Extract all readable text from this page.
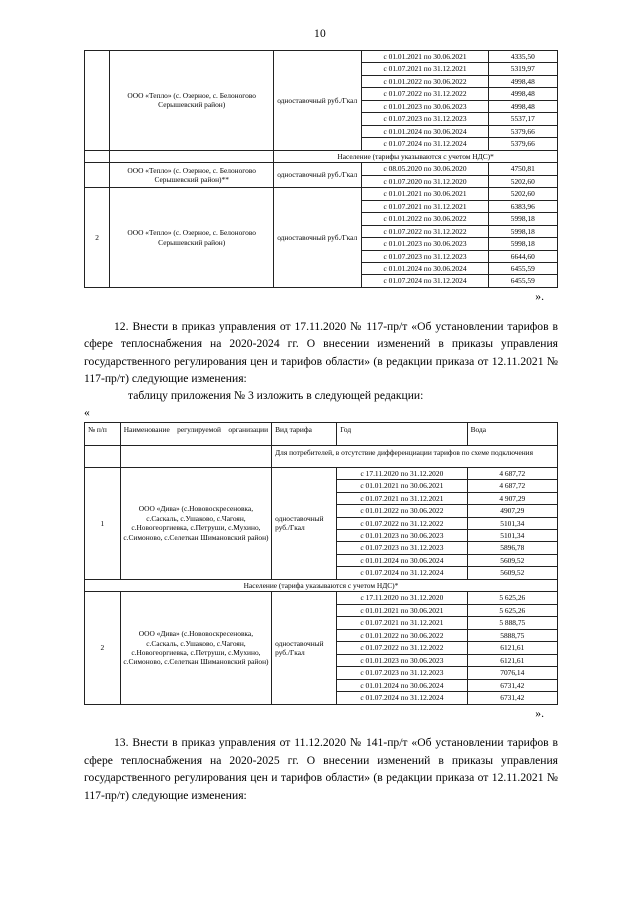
10
	ООО «Тепло» (с. Озерное, с. Белоногово Серышевский район)	одноставочный руб./Гкал	с 01.01.2021 по 30.06.2021	4335,50
			с 01.07.2021 по 31.12.2021	5319,97
			с 01.01.2022 по 30.06.2022	4998,48
			с 01.07.2022 по 31.12.2022	4998,48
			с 01.01.2023 по 30.06.2023	4998,48
			с 01.07.2023 по 31.12.2023	5537,17
			с 01.01.2024 по 30.06.2024	5379,66
			с 01.07.2024 по 31.12.2024	5379,66
		Население (тарифы указываются с учетом НДС)*		
	ООО «Тепло» (с. Озерное, с. Белоногово Серышевский район)**	одноставочный руб./Гкал	с 08.05.2020 по 30.06.2020	4750,81
			с 01.07.2020 по 31.12.2020	5202,60
2	ООО «Тепло» (с. Озерное, с. Белоногово Серышевский район)	одноставочный руб./Гкал	с 01.01.2021 по 30.06.2021	5202,60
			с 01.07.2021 по 31.12.2021	6383,96
			с 01.01.2022 по 30.06.2022	5998,18
			с 01.07.2022 по 31.12.2022	5998,18
			с 01.01.2023 по 30.06.2023	5998,18
			с 01.07.2023 по 31.12.2023	6644,60
			с 01.01.2024 по 30.06.2024	6455,59
			с 01.07.2024 по 31.12.2024	6455,59
».

12. Внести в приказ управления от 17.11.2020 № 117-пр/т «Об установлении тарифов в сфере теплоснабжения на 2020-2024 гг. О внесении изменений в приказы управления государственного регулирования цен и тарифов области» (в редакции приказа от 12.11.2021 № 117-пр/т) следующие изменения:

таблицу приложения № 3 изложить в следующей редакции:

«

№ п/п	Наименование регулируемой организации	Вид тарифа	Год	Вода
		Для потребителей, в отсутствие дифференциации тарифов по схеме подключения		
1	ООО «Дива» (с.Нововоскресеновка, с.Саскаль, с.Ушаково, с.Чагоян, с.Новогеоргиевка, с.Петруши, с.Мухино, с.Симоново, с.Селеткан Шимановский район)	одноставочный руб./Гкал	с 17.11.2020 по 31.12.2020	4 687,72
			с 01.01.2021 по 30.06.2021	4 687,72
			с 01.07.2021 по 31.12.2021	4 907,29
			с 01.01.2022 по 30.06.2022	4907,29
			с 01.07.2022 по 31.12.2022	5101,34
			с 01.01.2023 по 30.06.2023	5101,34
			с 01.07.2023 по 31.12.2023	5896,78
			с 01.01.2024 по 30.06.2024	5609,52
			с 01.07.2024 по 31.12.2024	5609,52
Население (тарифа указываются с учетом НДС)*				
2	ООО «Дива» (с.Нововоскресеновка, с.Саскаль, с.Ушаково, с.Чагоян, с.Новогеоргиевка, с.Петруши, с.Мухино, с.Симоново, с.Селеткан Шимановский район)	одноставочный руб./Гкал	с 17.11.2020 по 31.12.2020	5 625,26
			с 01.01.2021 по 30.06.2021	5 625,26
			с 01.07.2021 по 31.12.2021	5 888,75
			с 01.01.2022 по 30.06.2022	5888,75
			с 01.07.2022 по 31.12.2022	6121,61
			с 01.01.2023 по 30.06.2023	6121,61
			с 01.07.2023 по 31.12.2023	7076,14
			с 01.01.2024 по 30.06.2024	6731,42
			с 01.07.2024 по 31.12.2024	6731,42
».

13. Внести в приказ управления от 11.12.2020 № 141-пр/т «Об установлении тарифов в сфере теплоснабжения на 2020-2025 гг. О внесении изменений в приказы управления государственного регулирования цен и тарифов области» (в редакции приказа от 12.11.2021 № 117-пр/т) следующие изменения:
